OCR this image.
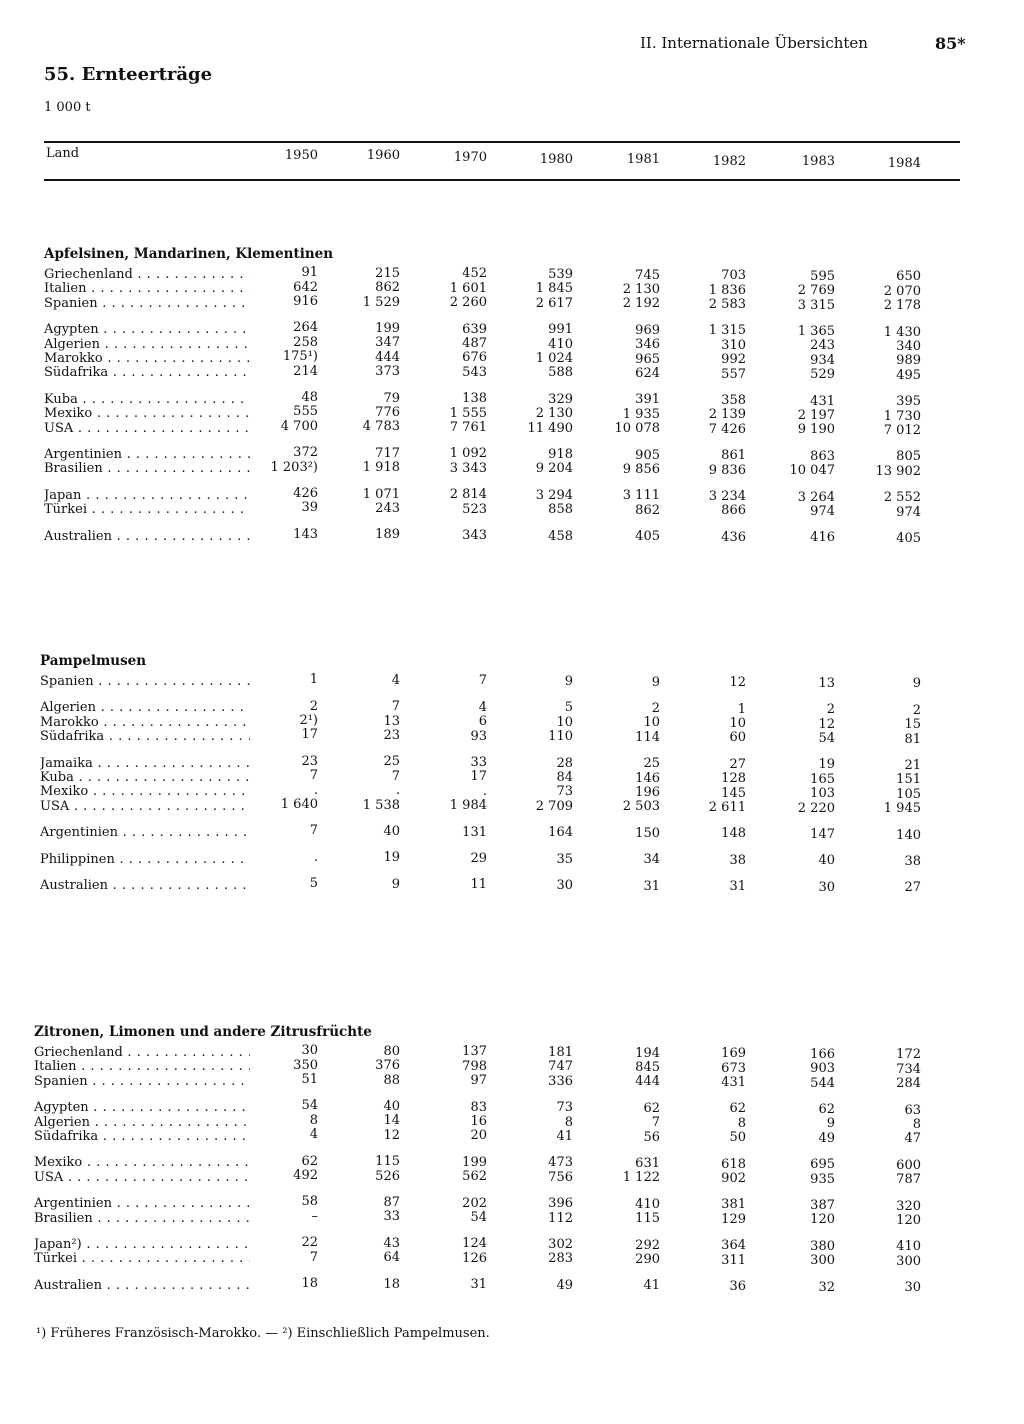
II. Internationale Übersichten	85*
55. Ernteerträge
1 000 t
Land	1950	1960	1970	1980	1981	1982	1983	1984
Apfelsinen, Mandarinen, Klementinen
Griechenland . . .	91	215	452	539	745	703	595	650
Italien . . .	642	862	1 601	1 845	2 130	1 836	2 769	2 070
Spanien . . .	916	1 529	2 260	2 617	2 192	2 583	3 315	2 178
Ägypten . . .	264	199	639	991	969	1 315	1 365	1 430
Algerien . . .	258	347	487	410	346	310	243	340
Marokko . . .	175¹)	444	676	1 024	965	992	934	989
Südafrika . . .	214	373	543	588	624	557	529	495
Kuba . . .	48	79	138	329	391	358	431	395
Mexiko . . .	555	776	1 555	2 130	1 935	2 139	2 197	1 730
USA . . .	4 700	4 783	7 761	11 490	10 078	7 426	9 190	7 012
Argentinien . . .	372	717	1 092	918	905	861	863	805
Brasilien . . .	1 203²)	1 918	3 343	9 204	9 856	9 836	10 047	13 902
Japan . . .	426	1 071	2 814	3 294	3 111	3 234	3 264	2 552
Türkei . . .	39	243	523	858	862	866	974	974
Australien . . .	143	189	343	458	405	436	416	405
Pampelmusen
Spanien . . .	1	4	7	9	9	12	13	9
Algerien . . .	2	7	4	5	2	1	2	2
Marokko . . .	2¹)	13	6	10	10	10	12	15
Südafrika . . .	17	23	93	110	114	60	54	81
Jamaika . . .	23	25	33	28	25	27	19	21
Kuba . . .	7	7	17	84	146	128	165	151
Mexiko . . .	.	.	.	73	196	145	103	105
USA . . .	1 640	1 538	1 984	2 709	2 503	2 611	2 220	1 945
Argentinien . . .	7	40	131	164	150	148	147	140
Philippinen . . .	.	19	29	35	34	38	40	38
Australien . . .	5	9	11	30	31	31	30	27
Zitronen, Limonen und andere Zitrusfrüchte
Griechenland . . .	30	80	137	181	194	169	166	172
Italien . . .	350	376	798	747	845	673	903	734
Spanien . . .	51	88	97	336	444	431	544	284
Ägypten . . .	54	40	83	73	62	62	62	63
Algerien . . .	8	14	16	8	7	8	9	8
Südafrika . . .	4	12	20	41	56	50	49	47
Mexiko . . .	62	115	199	473	631	618	695	600
USA . . .	492	526	562	756	1 122	902	935	787
Argentinien . . .	58	87	202	396	410	381	387	320
Brasilien . . .	–	33	54	112	115	129	120	120
Japan²) . . .	22	43	124	302	292	364	380	410
Türkei . . .	7	64	126	283	290	311	300	300
Australien . . .	18	18	31	49	41	36	32	30
¹) Früheres Französisch-Marokko. — ²) Einschließlich Pampelmusen.
